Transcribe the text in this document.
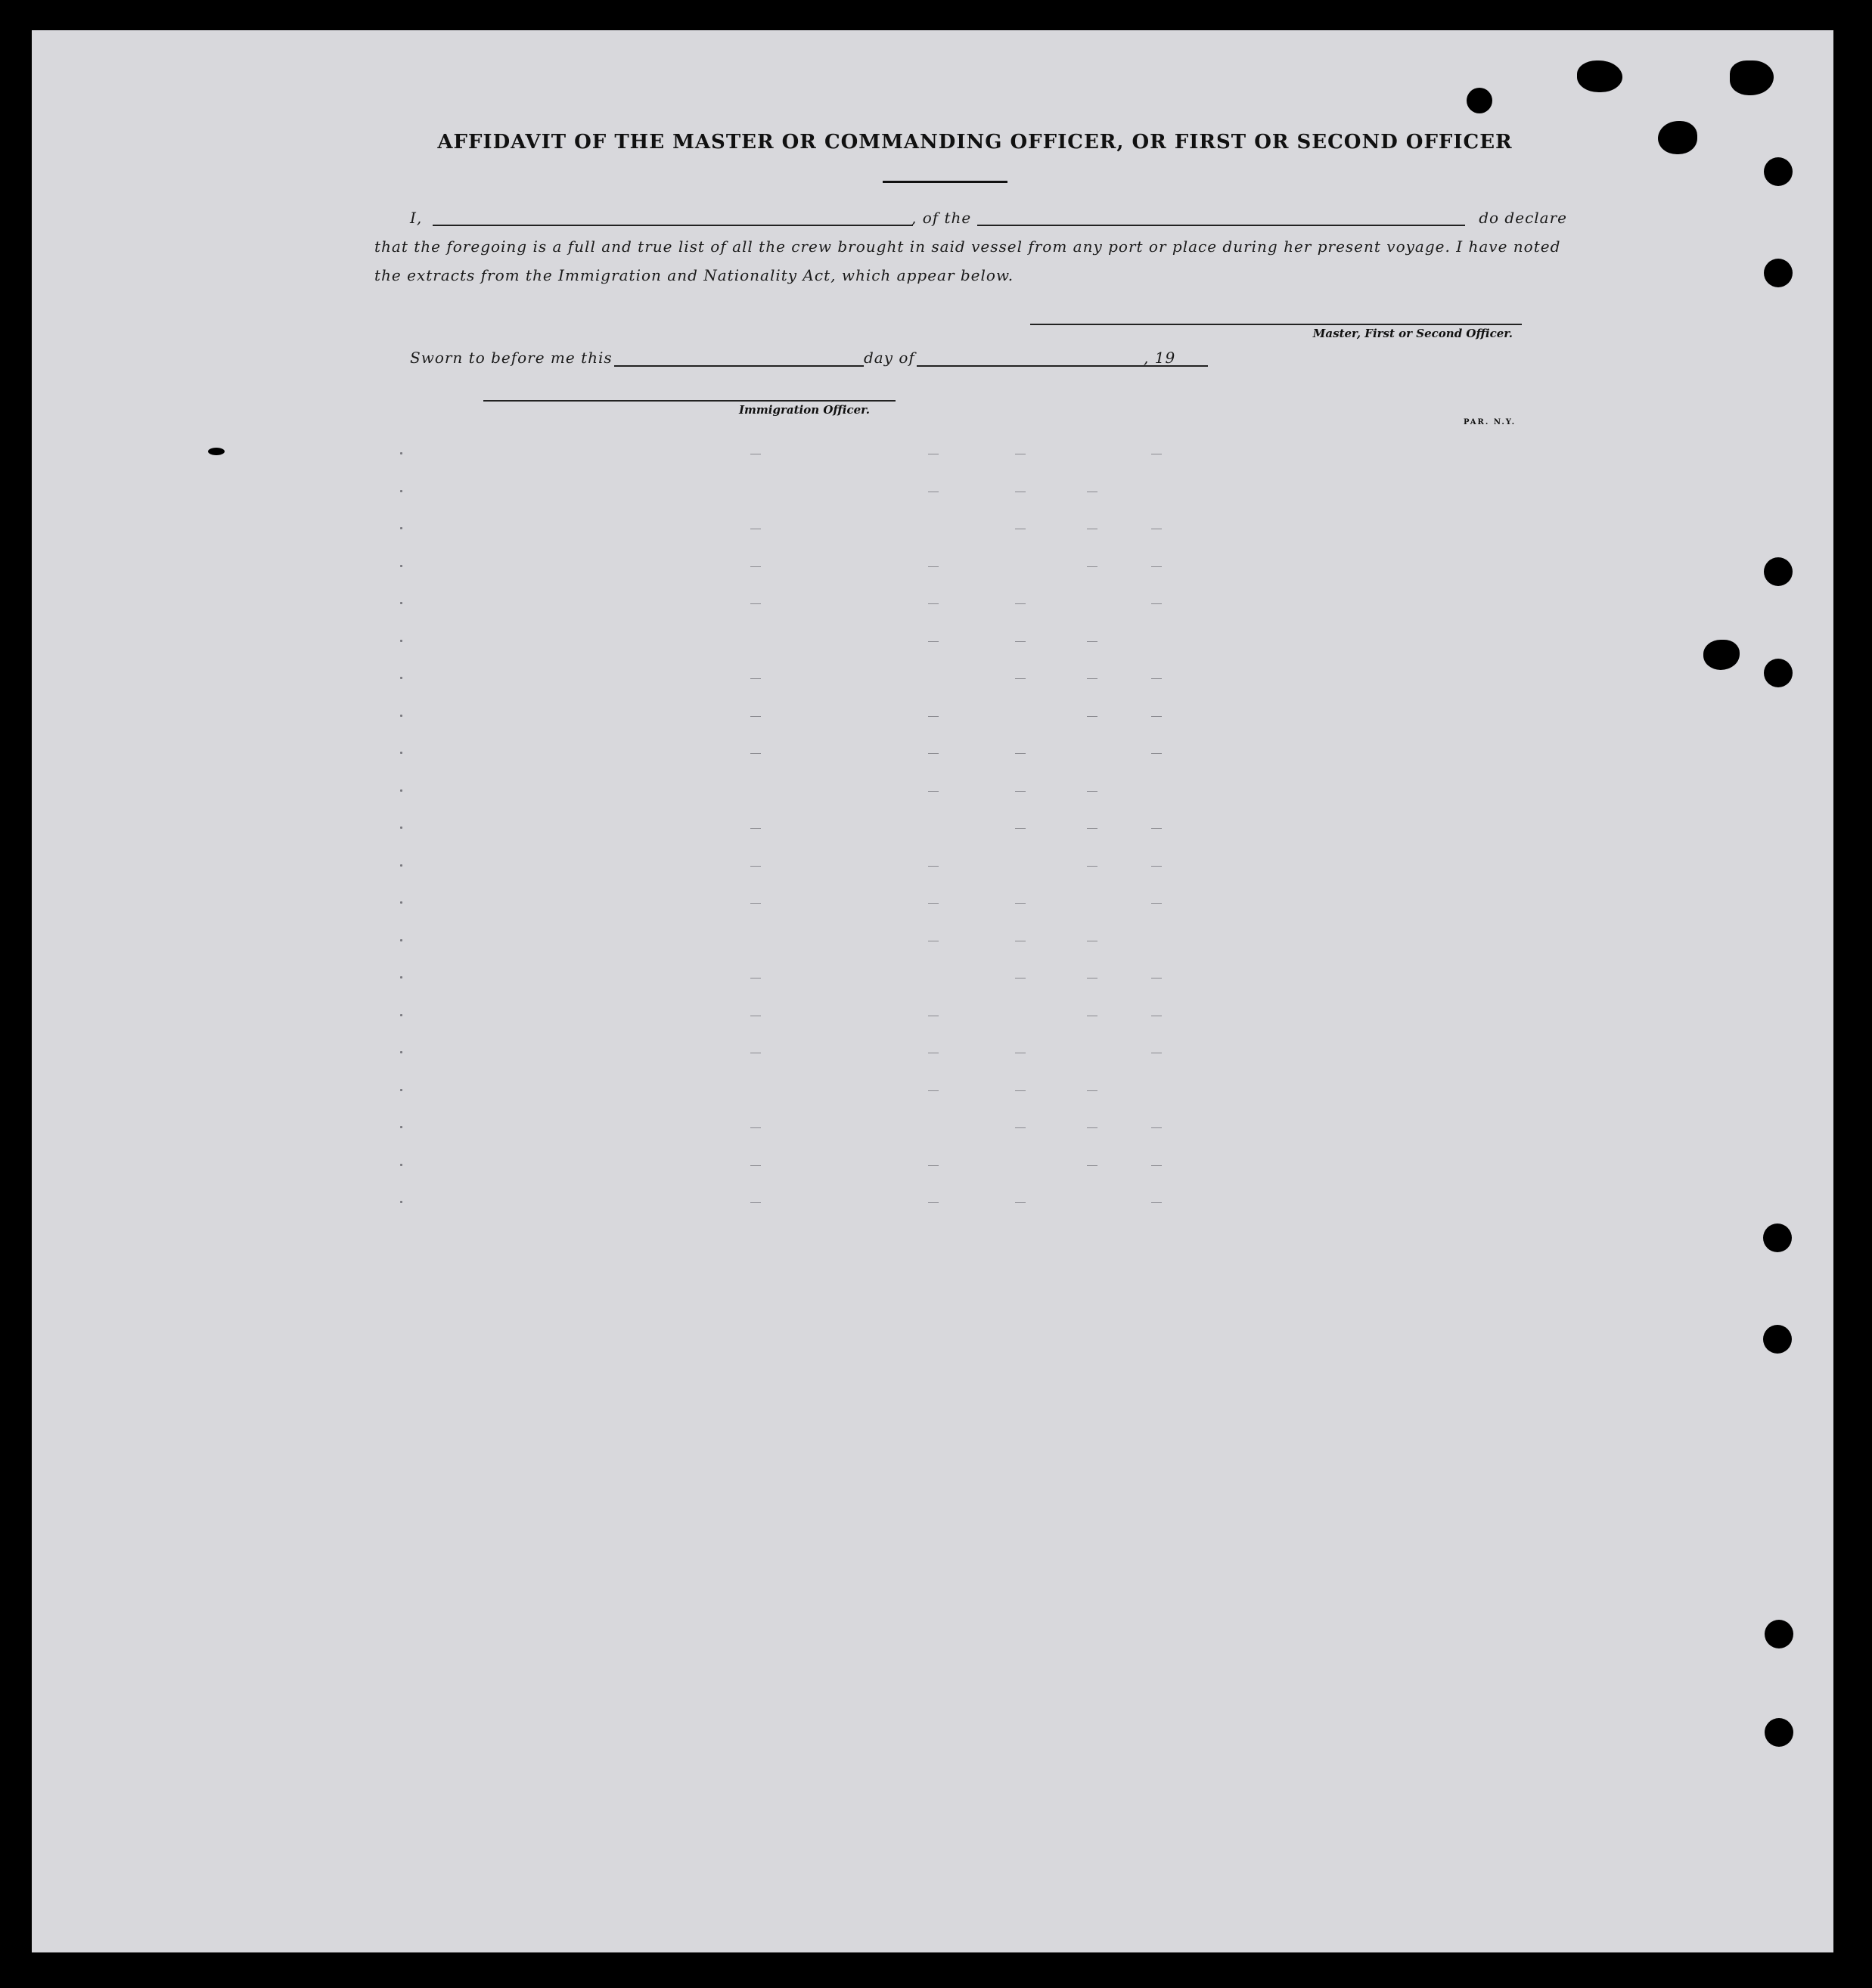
AFFIDAVIT OF THE MASTER OR COMMANDING OFFICER, OR FIRST OR SECOND OFFICER
I,	, of the	do declare
that the foregoing is a full and true list of all the crew brought in said vessel from any port or place during her present voyage. I have noted
the extracts from the Immigration and Nationality Act, which appear below.
Master, First or Second Officer.
Sworn to before me this	day of	, 19
Immigration Officer.
PAR. N.Y.
